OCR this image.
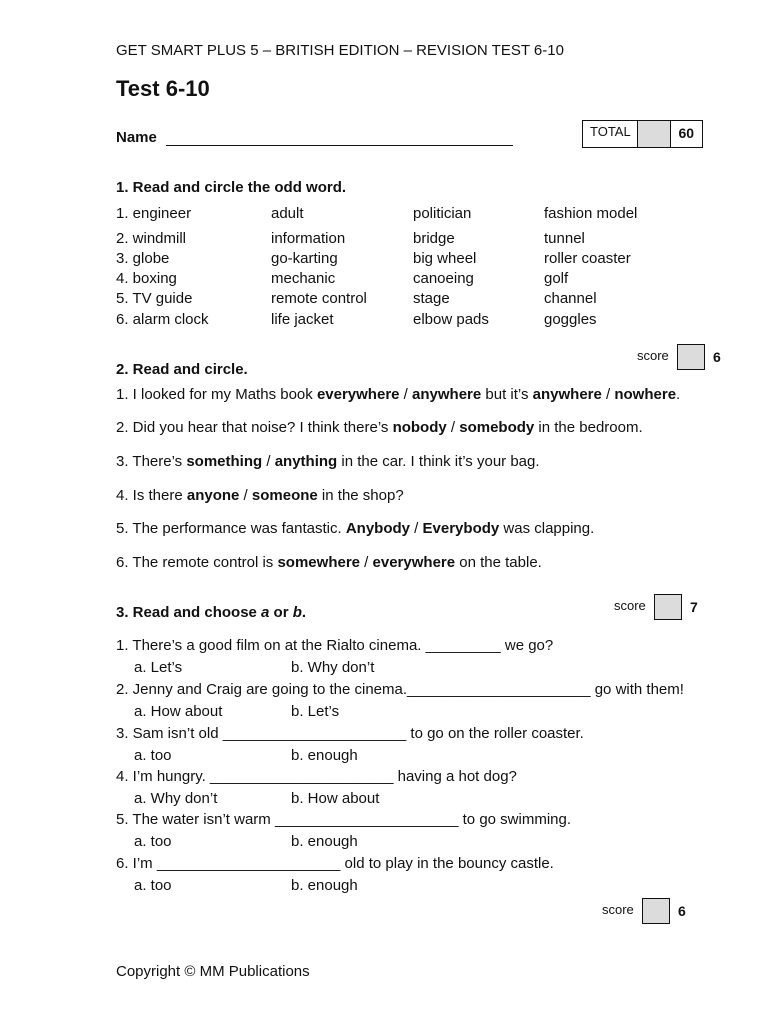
GET SMART PLUS 5 – BRITISH EDITION – REVISION TEST 6-10
Test 6-10
Name	TOTAL	60
1. Read and circle the odd word.
1. engineer	adult	politician	fashion model
2. windmill	information	bridge	tunnel
3. globe	go-karting	big wheel	roller coaster
4. boxing	mechanic	canoeing	golf
5. TV guide	remote control	stage	channel
6. alarm clock	life jacket	elbow pads	goggles
score	6
2. Read and circle.
1. I looked for my Maths book everywhere / anywhere but it’s anywhere / nowhere.
2. Did you hear that noise? I think there’s nobody / somebody in the bedroom.
3. There’s something / anything in the car. I think it’s your bag.
4. Is there anyone / someone in the shop?
5. The performance was fantastic. Anybody / Everybody was clapping.
6. The remote control is somewhere / everywhere on the table.
score	7
3. Read and choose a or b.
1. There’s a good film on at the Rialto cinema. _________ we go?
a. Let’s	b. Why don’t
2. Jenny and Craig are going to the cinema.______________________ go with them!
a. How about	b. Let’s
3. Sam isn’t old ______________________ to go on the roller coaster.
a. too	b. enough
4. I’m hungry. ______________________ having a hot dog?
a. Why don’t	b. How about
5. The water isn’t warm ______________________ to go swimming.
a. too	b. enough
6. I’m ______________________ old to play in the bouncy castle.
a. too	b. enough
score	6
Copyright © MM Publications
